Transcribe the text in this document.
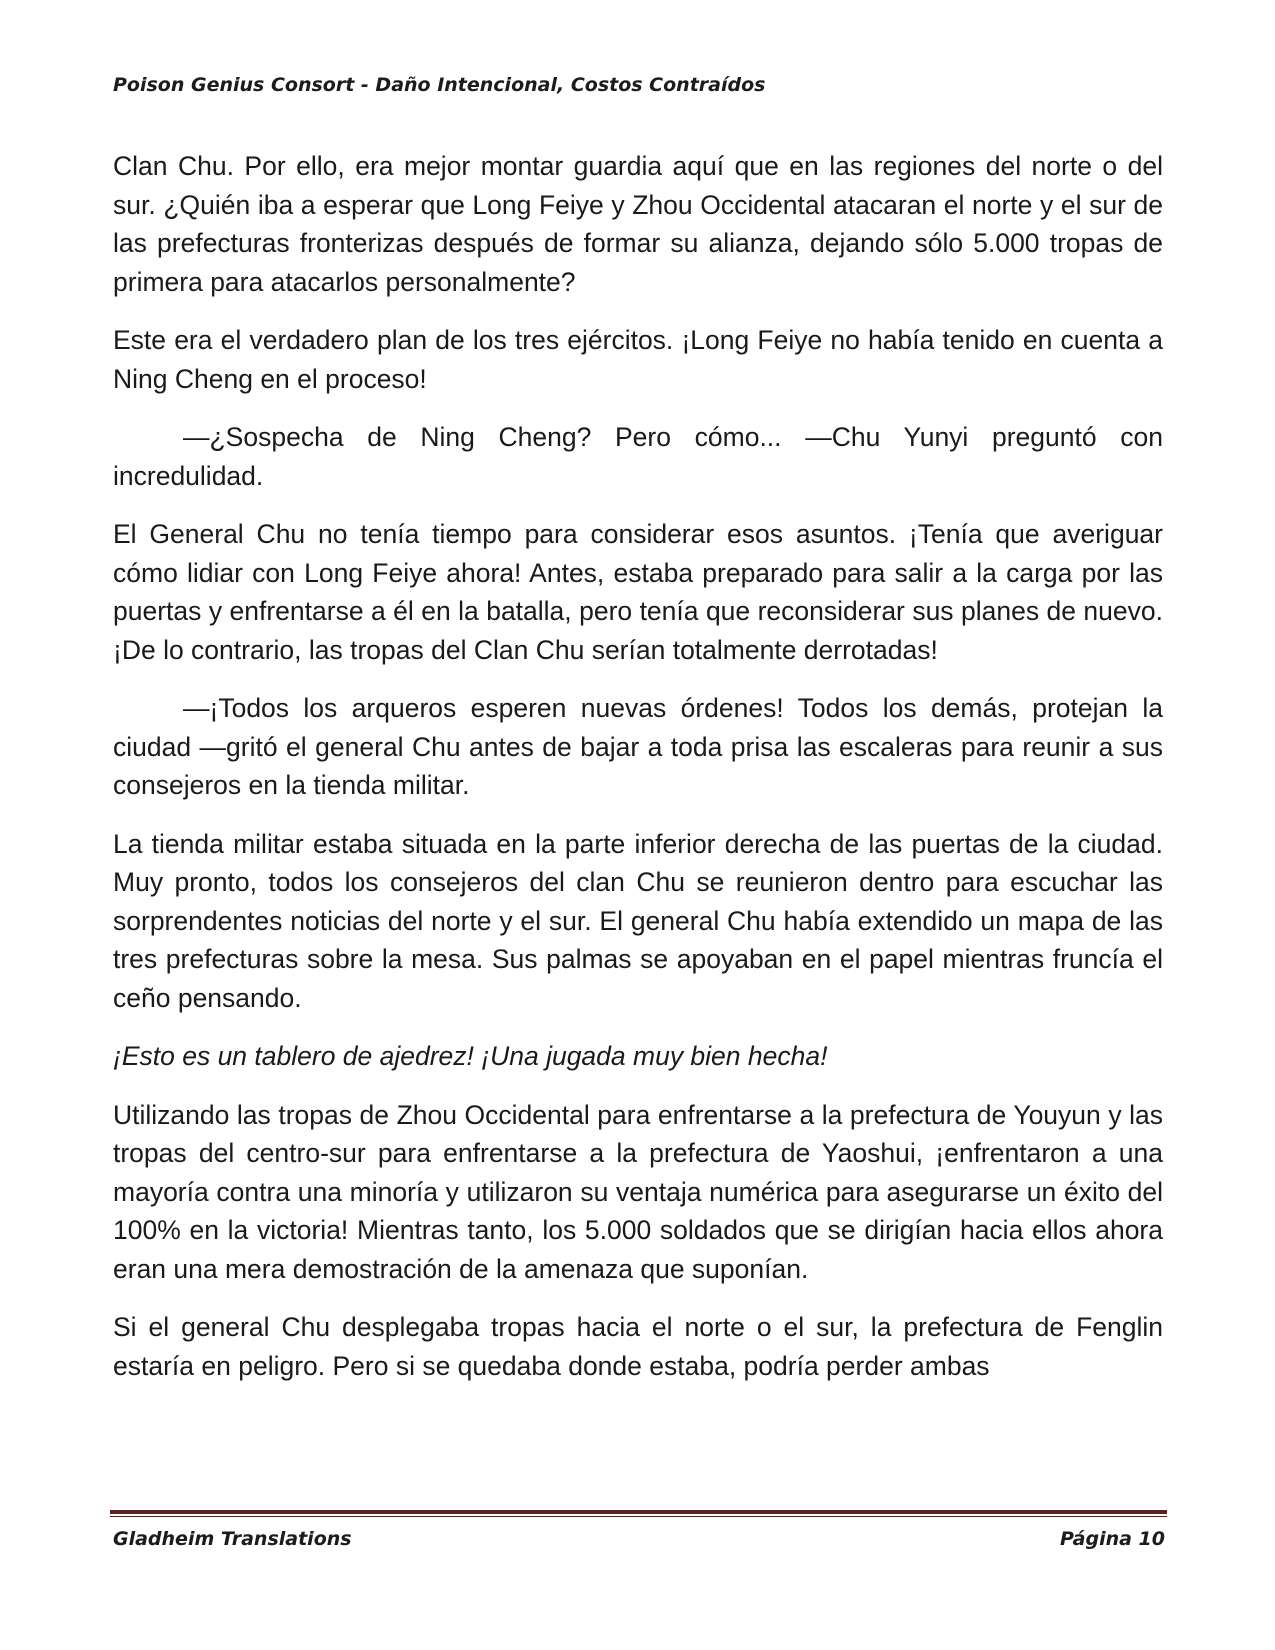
Poison Genius Consort - Daño Intencional, Costos Contraídos

Clan Chu. Por ello, era mejor montar guardia aquí que en las regiones del norte o del sur. ¿Quién iba a esperar que Long Feiye y Zhou Occidental atacaran el norte y el sur de las prefecturas fronterizas después de formar su alianza, dejando sólo 5.000 tropas de primera para atacarlos personalmente?

Este era el verdadero plan de los tres ejércitos. ¡Long Feiye no había tenido en cuenta a Ning Cheng en el proceso!

—¿Sospecha de Ning Cheng? Pero cómo... —Chu Yunyi preguntó con incredulidad.

El General Chu no tenía tiempo para considerar esos asuntos. ¡Tenía que averiguar cómo lidiar con Long Feiye ahora! Antes, estaba preparado para salir a la carga por las puertas y enfrentarse a él en la batalla, pero tenía que reconsiderar sus planes de nuevo. ¡De lo contrario, las tropas del Clan Chu serían totalmente derrotadas!

—¡Todos los arqueros esperen nuevas órdenes! Todos los demás, protejan la ciudad —gritó el general Chu antes de bajar a toda prisa las escaleras para reunir a sus consejeros en la tienda militar.

La tienda militar estaba situada en la parte inferior derecha de las puertas de la ciudad. Muy pronto, todos los consejeros del clan Chu se reunieron dentro para escuchar las sorprendentes noticias del norte y el sur. El general Chu había extendido un mapa de las tres prefecturas sobre la mesa. Sus palmas se apoyaban en el papel mientras fruncía el ceño pensando.

¡Esto es un tablero de ajedrez! ¡Una jugada muy bien hecha!

Utilizando las tropas de Zhou Occidental para enfrentarse a la prefectura de Youyun y las tropas del centro-sur para enfrentarse a la prefectura de Yaoshui, ¡enfrentaron a una mayoría contra una minoría y utilizaron su ventaja numérica para asegurarse un éxito del 100% en la victoria! Mientras tanto, los 5.000 soldados que se dirigían hacia ellos ahora eran una mera demostración de la amenaza que suponían.

Si el general Chu desplegaba tropas hacia el norte o el sur, la prefectura de Fenglin estaría en peligro. Pero si se quedaba donde estaba, podría perder ambas

Gladheim Translations	Página 10
